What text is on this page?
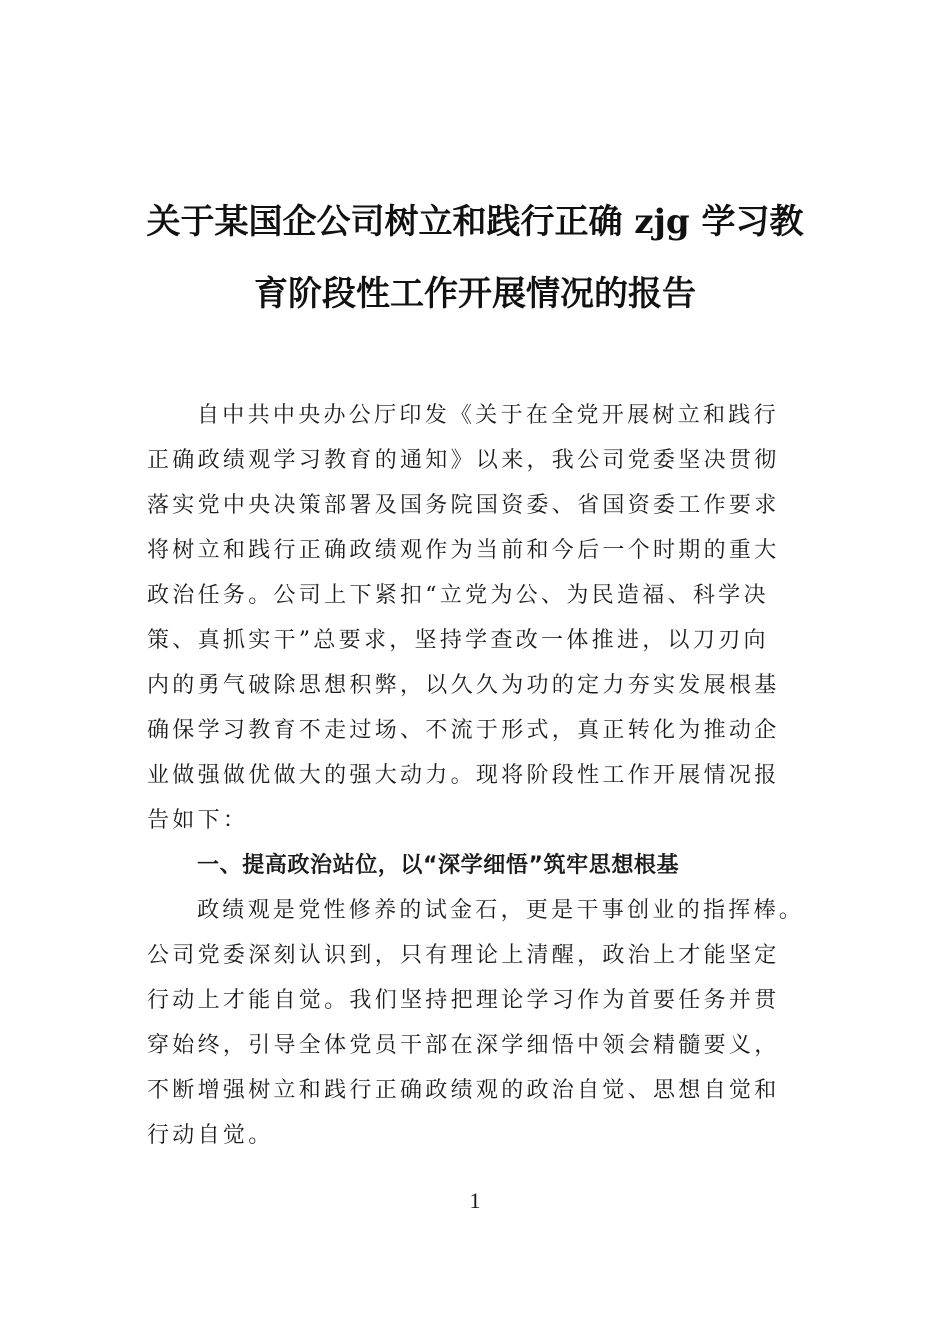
关于某国企公司树立和践行正确 zjg 学习教
育阶段性工作开展情况的报告
自中共中央办公厅印发《关于在全党开展树立和践行
正确政绩观学习教育的通知》以来，我公司党委坚决贯彻
落实党中央决策部署及国务院国资委、省国资委工作要求
将树立和践行正确政绩观作为当前和今后一个时期的重大
政治任务。公司上下紧扣“立党为公、为民造福、科学决
策、真抓实干”总要求，坚持学查改一体推进，以刀刃向
内的勇气破除思想积弊，以久久为功的定力夯实发展根基
确保学习教育不走过场、不流于形式，真正转化为推动企
业做强做优做大的强大动力。现将阶段性工作开展情况报
告如下：
一、提高政治站位，以“深学细悟”筑牢思想根基
政绩观是党性修养的试金石，更是干事创业的指挥棒。
公司党委深刻认识到，只有理论上清醒，政治上才能坚定
行动上才能自觉。我们坚持把理论学习作为首要任务并贯
穿始终，引导全体党员干部在深学细悟中领会精髓要义，
不断增强树立和践行正确政绩观的政治自觉、思想自觉和
行动自觉。
1
